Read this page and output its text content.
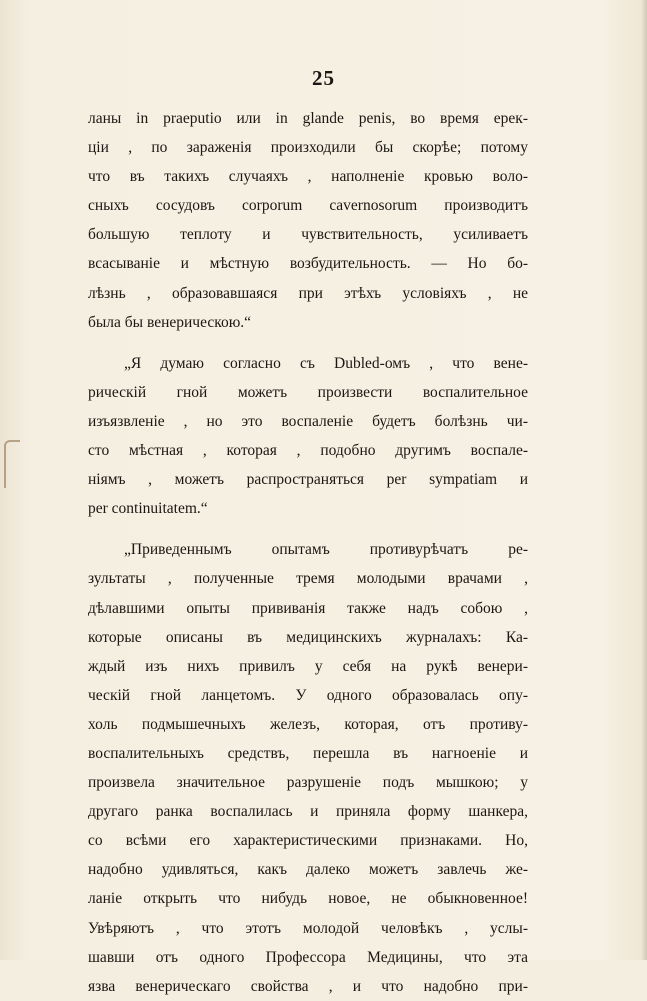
25
ланы in praeputio или in glande penis, во время ерек-
ціи , по зараженія произходили бы скорѣе; потому
что въ такихъ случаяхъ , наполненіе кровью воло-
сныхъ сосудовъ corporum cavernosorum производитъ
большую теплоту и чувствительность, усиливаетъ
всасываніе и мѣстную возбудительность. — Но бо-
лѣзнь , образовавшаяся при этѣхъ условіяхъ , не
была бы венерическою.“
„Я думаю согласно съ Dubled-омъ , что вене-
рическій гной можетъ произвести воспалительное
изъязвленіе , но это воспаленіе будетъ болѣзнь чи-
сто мѣстная , которая , подобно другимъ воспале-
ніямъ , можетъ распространяться per sympatiam и
per continuitatem.“
„Приведеннымъ опытамъ противурѣчатъ ре-
зультаты , полученные тремя молодыми врачами ,
дѣлавшими опыты прививанія также надъ собою ,
которые описаны въ медицинскихъ журналахъ: Ка-
ждый изъ нихъ привилъ у себя на рукѣ венери-
ческій гной ланцетомъ. У одного образовалась опу-
холь подмышечныхъ железъ, которая, отъ противу-
воспалительныхъ средствъ, перешла въ нагноеніе и
произвела значительное разрушеніе подъ мышкою; у
другаго ранка воспалилась и приняла форму шанкера,
со всѣми его характеристическими признаками. Но,
надобно удивляться, какъ далеко можетъ завлечь же-
ланіе открыть что нибудь новое, не обыкновенное!
Увѣряютъ , что этотъ молодой человѣкъ , услы-
шавши отъ одного Профессора Медицины, что эта
язва венерическаго свойства , и что надобно при-
